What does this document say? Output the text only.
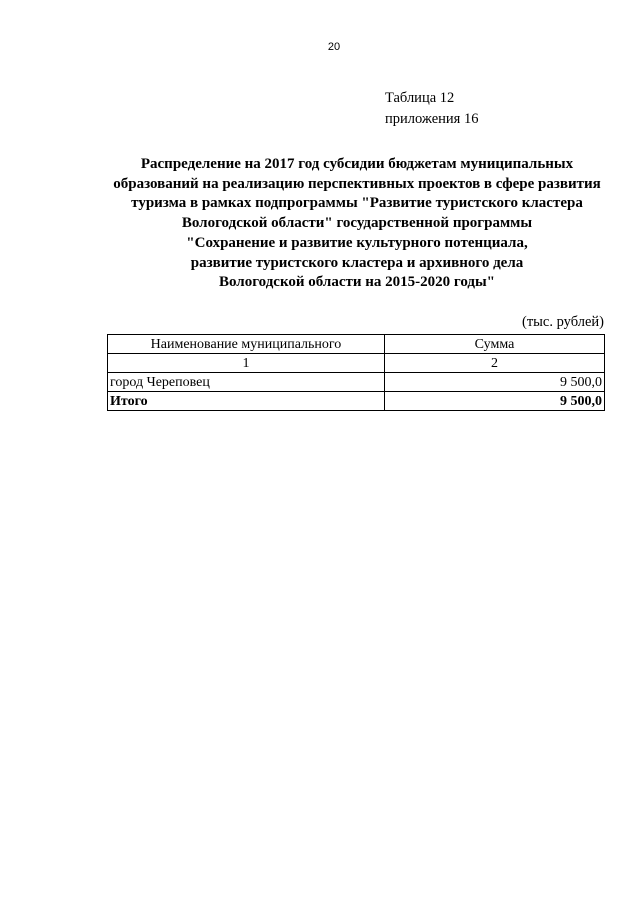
20
Таблица 12
приложения 16
Распределение на 2017 год субсидии бюджетам муниципальных
образований на реализацию перспективных проектов в сфере развития
туризма в рамках подпрограммы "Развитие туристского кластера
Вологодской области" государственной программы
"Сохранение и развитие культурного потенциала,
развитие туристского кластера и архивного дела
Вологодской области на 2015-2020 годы"
(тыс. рублей)
Наименование муниципального	Сумма
1	2
город Череповец	9 500,0
Итого	9 500,0
